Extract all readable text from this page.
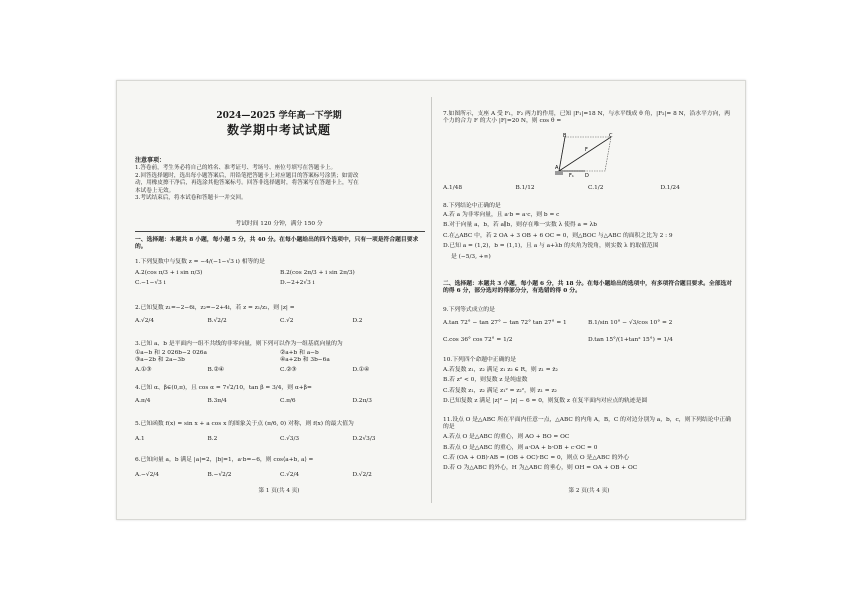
2024—2025 学年高一下学期
数学期中考试试题
注意事项：
1.答卷前，考生务必将自己的姓名、准考证号、考场号、座位号填写在答题卡上。
2.回答选择题时，选出每小题答案后，用铅笔把答题卡上对应题目的答案标号涂黑；如需改
动，用橡皮擦干净后，再选涂其他答案标号。回答非选择题时，将答案写在答题卡上，写在
本试卷上无效。
3.考试结束后，将本试卷和答题卡一并交回。
考试时间 120 分钟，满分 150 分
一、选择题：本题共 8 小题，每小题 5 分，共 40 分。在每小题给出的四个选项中，只有一项是符合题目要求的。
1.下列复数中与复数 z = −4/(−1−√3 i) 相等的是
A.2(cos π/3 + i sin π/3)	B.2(cos 2π/3 + i sin 2π/3)
C.−1−√3 i	D.−2+2√3 i
2.已知复数 z₁=−2−6i，z₂=−2+4i，若 z = z₁/z₂，则 |z| =
A.√2/4	B.√2/2	C.√2	D.2
3.已知 a、b 是平面内一组不共线的非零向量，则下列可以作为一组基底向量的为
①a−b 和 2 026b−2 026a	②a+b 和 a−b
③a−2b 和 2a−3b	④a+2b 和 3b−6a
A.①③	B.②④	C.②③	D.①④
4.已知 α、β∈(0,π)，且 cos α = 7√2/10，tan β = 3/4，则 α+β=
A.π/4	B.3π/4	C.π/6	D.2π/3
5.已知函数 f(x) = sin x + a cos x 的图象关于点 (π/6, 0) 对称，则 f(x) 的最大值为
A.1	B.2	C.√3/3	D.2√3/3
6.已知向量 a，b 满足 |a|=2，|b|=1，a·b=−6，则 cos⟨a+b, a⟩ =
A.−√2/4	B.−√2/2	C.√2/4	D.√2/2
第 1 页(共 4 页)
7.如图所示，支座 A 受 F₁，F₂ 两力的作用，已知 |F₁|=18 N，与水平线成 θ 角，|F₂|= 8 N，沿水平方向，两个力的合力 F 的大小 |F|=20 N，则 cos θ =
B	C
F
A
F₁ D
A.1/48	B.1/12	C.1/2	D.1/24
8.下列结论中正确的是
A.若 a 为非零向量，且 a·b = a·c，则 b = c
B.对于向量 a，b，若 a∥b，则存在唯一实数 λ 使得 a = λb
C.在△ABC 中，若 2 OA + 3 OB + 6 OC = 0，则△BOC 与△ABC 的面积之比为 2 : 9
D.已知 a = (1,2)，b = (1,1)，且 a 与 a+λb 的夹角为锐角，则实数 λ 的取值范围
是 (−5/3, +∞)
二、选择题：本题共 3 小题，每小题 6 分，共 18 分。在每小题给出的选项中，有多项符合题目要求。全部选对的得 6 分，部分选对的得部分分，有选错的得 0 分。
9.下列等式成立的是
A.tan 72° − tan 27° − tan 72° tan 27° = 1	B.1/sin 10° − √3/cos 10° = 2
C.cos 36° cos 72° = 1/2	D.tan 15°/(1+tan² 15°) = 1/4
10.下列四个命题中正确的是
A.若复数 z₁，z₂ 满足 z₁ z₂ ∈ R，则 z₁ = z̄₂
B.若 z² < 0，则复数 z 是纯虚数
C.若复数 z₁，z₂ 满足 z₁² = z₂²，则 z₁ = z₂
D.已知复数 z 满足 |z|² − |z| − 6 = 0，则复数 z 在复平面内对应点的轨迹是圆
11.设点 O 是△ABC 所在平面内任意一点，△ABC 的内角 A，B，C 的对边分别为 a，b，c，则下列结论中正确的是
A.若点 O 是△ABC 的重心，则 AO + BO = OC
B.若点 O 是△ABC 的重心，则 a·OA + b·OB + c·OC = 0
C.若 (OA + OB)·AB = (OB + OC)·BC = 0，则点 O 是△ABC 的外心
D.若 O 为△ABC 的外心，H 为△ABC 的垂心，则 OH = OA + OB + OC
第 2 页(共 4 页)
